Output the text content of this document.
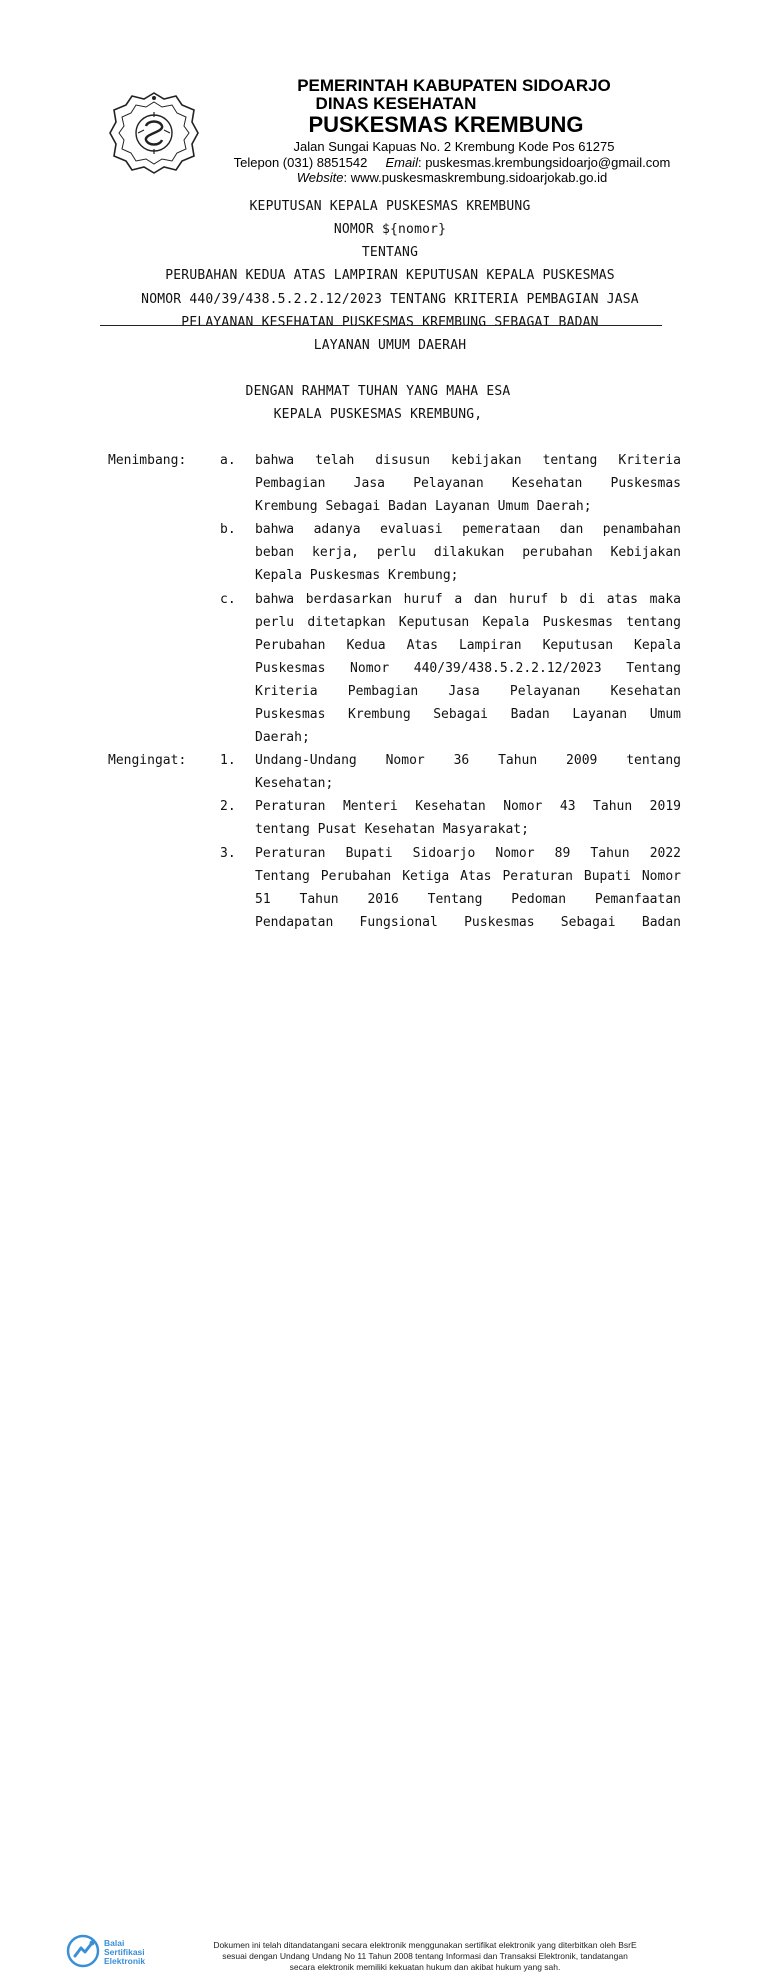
PEMERINTAH KABUPATEN SIDOARJO
DINAS KESEHATAN
PUSKESMAS KREMBUNG
Jalan Sungai Kapuas No. 2 Krembung Kode Pos 61275
Telepon (031) 8851542 Email: puskesmas.krembungsidoarjo@gmail.com
Website: www.puskesmaskrembung.sidoarjokab.go.id
KEPUTUSAN KEPALA PUSKESMAS KREMBUNG
NOMOR ${nomor}
TENTANG
PERUBAHAN KEDUA ATAS LAMPIRAN KEPUTUSAN KEPALA PUSKESMAS
NOMOR 440/39/438.5.2.2.12/2023 TENTANG KRITERIA PEMBAGIAN JASA
PELAYANAN KESEHATAN PUSKESMAS KREMBUNG SEBAGAI BADAN
LAYANAN UMUM DAERAH
DENGAN RAHMAT TUHAN YANG MAHA ESA
KEPALA PUSKESMAS KREMBUNG,
Menimbang:	a. bahwa telah disusun kebijakan tentang Kriteria
Pembagian Jasa Pelayanan Kesehatan Puskesmas
Krembung Sebagai Badan Layanan Umum Daerah;
b. bahwa adanya evaluasi pemerataan dan penambahan
beban kerja, perlu dilakukan perubahan Kebijakan
Kepala Puskesmas Krembung;
c. bahwa berdasarkan huruf a dan huruf b di atas maka
perlu ditetapkan Keputusan Kepala Puskesmas tentang
Perubahan Kedua Atas Lampiran Keputusan Kepala
Puskesmas Nomor 440/39/438.5.2.2.12/2023 Tentang
Kriteria Pembagian Jasa Pelayanan Kesehatan
Puskesmas Krembung Sebagai Badan Layanan Umum
Daerah;
Mengingat:	1. Undang-Undang Nomor 36 Tahun 2009 tentang
Kesehatan;
2. Peraturan Menteri Kesehatan Nomor 43 Tahun 2019
tentang Pusat Kesehatan Masyarakat;
3. Peraturan Bupati Sidoarjo Nomor 89 Tahun 2022
Tentang Perubahan Ketiga Atas Peraturan Bupati Nomor
51 Tahun 2016 Tentang Pedoman Pemanfaatan
Pendapatan Fungsional Puskesmas Sebagai Badan
Balai
Sertifikasi
Elektronik
Dokumen ini telah ditandatangani secara elektronik menggunakan sertifikat elektronik yang diterbitkan oleh BsrE
sesuai dengan Undang Undang No 11 Tahun 2008 tentang Informasi dan Transaksi Elektronik, tandatangan
secara elektronik memiliki kekuatan hukum dan akibat hukum yang sah.
